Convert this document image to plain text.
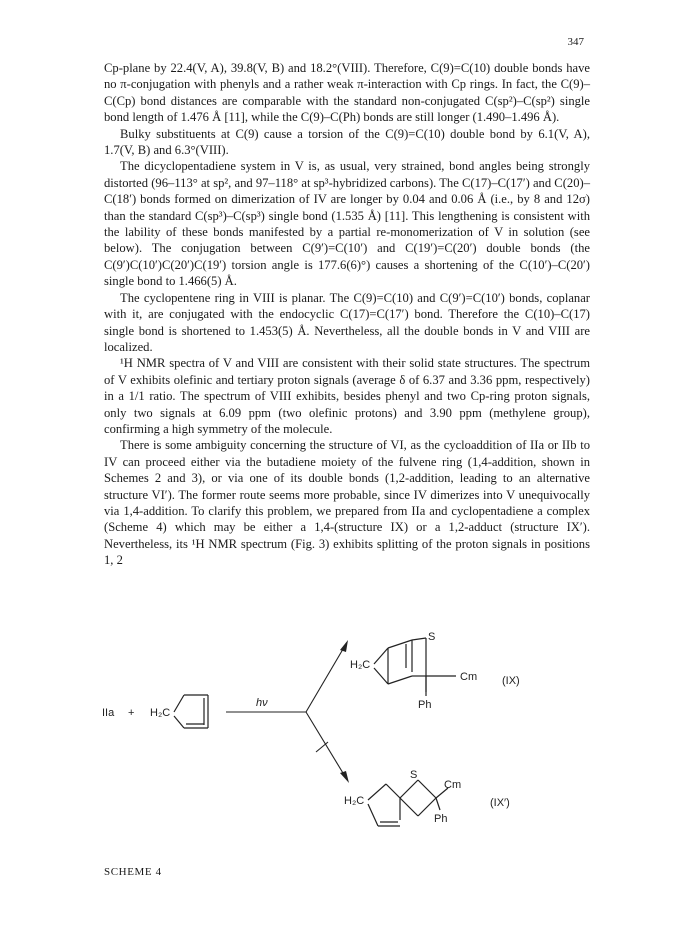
347

Cp-plane by 22.4(V, A), 39.8(V, B) and 18.2°(VIII). Therefore, C(9)=C(10) double bonds have no π-conjugation with phenyls and a rather weak π-interaction with Cp rings. In fact, the C(9)–C(Cp) bond distances are comparable with the standard non-conjugated C(sp²)–C(sp²) single bond length of 1.476 Å [11], while the C(9)–C(Ph) bonds are still longer (1.490–1.496 Å).

Bulky substituents at C(9) cause a torsion of the C(9)=C(10) double bond by 6.1(V, A), 1.7(V, B) and 6.3°(VIII).

The dicyclopentadiene system in V is, as usual, very strained, bond angles being strongly distorted (96–113° at sp², and 97–118° at sp³-hybridized carbons). The C(17)–C(17′) and C(20)–C(18′) bonds formed on dimerization of IV are longer by 0.04 and 0.06 Å (i.e., by 8 and 12σ) than the standard C(sp³)–C(sp³) single bond (1.535 Å) [11]. This lengthening is consistent with the lability of these bonds manifested by a partial re-monomerization of V in solution (see below). The conjugation between C(9′)=C(10′) and C(19′)=C(20′) double bonds (the C(9′)C(10′)C(20′)C(19′) torsion angle is 177.6(6)°) causes a shortening of the C(10′)–C(20′) single bond to 1.466(5) Å.

The cyclopentene ring in VIII is planar. The C(9)=C(10) and C(9′)=C(10′) bonds, coplanar with it, are conjugated with the endocyclic C(17)=C(17′) bond. Therefore the C(10)–C(17) single bond is shortened to 1.453(5) Å. Nevertheless, all the double bonds in V and VIII are localized.

¹H NMR spectra of V and VIII are consistent with their solid state structures. The spectrum of V exhibits olefinic and tertiary proton signals (average δ of 6.37 and 3.36 ppm, respectively) in a 1/1 ratio. The spectrum of VIII exhibits, besides phenyl and two Cp-ring proton signals, only two signals at 6.09 ppm (two olefinic protons) and 3.90 ppm (methylene group), confirming a high symmetry of the molecule.

There is some ambiguity concerning the structure of VI, as the cycloaddition of IIa or IIb to IV can proceed either via the butadiene moiety of the fulvene ring (1,4-addition, shown in Schemes 2 and 3), or via one of its double bonds (1,2-addition, leading to an alternative structure VI′). The former route seems more probable, since IV dimerizes into V unequivocally via 1,4-addition. To clarify this problem, we prepared from IIa and cyclopentadiene a complex (Scheme 4) which may be either a 1,4-(structure IX) or a 1,2-adduct (structure IX′). Nevertheless, its ¹H NMR spectrum (Fig. 3) exhibits splitting of the proton signals in positions 1, 2

IIa + H₂C
hν
H₂C
S
Cm
Ph
(IX)
H₂C
S
Cm
Ph
(IX′)
SCHEME 4
